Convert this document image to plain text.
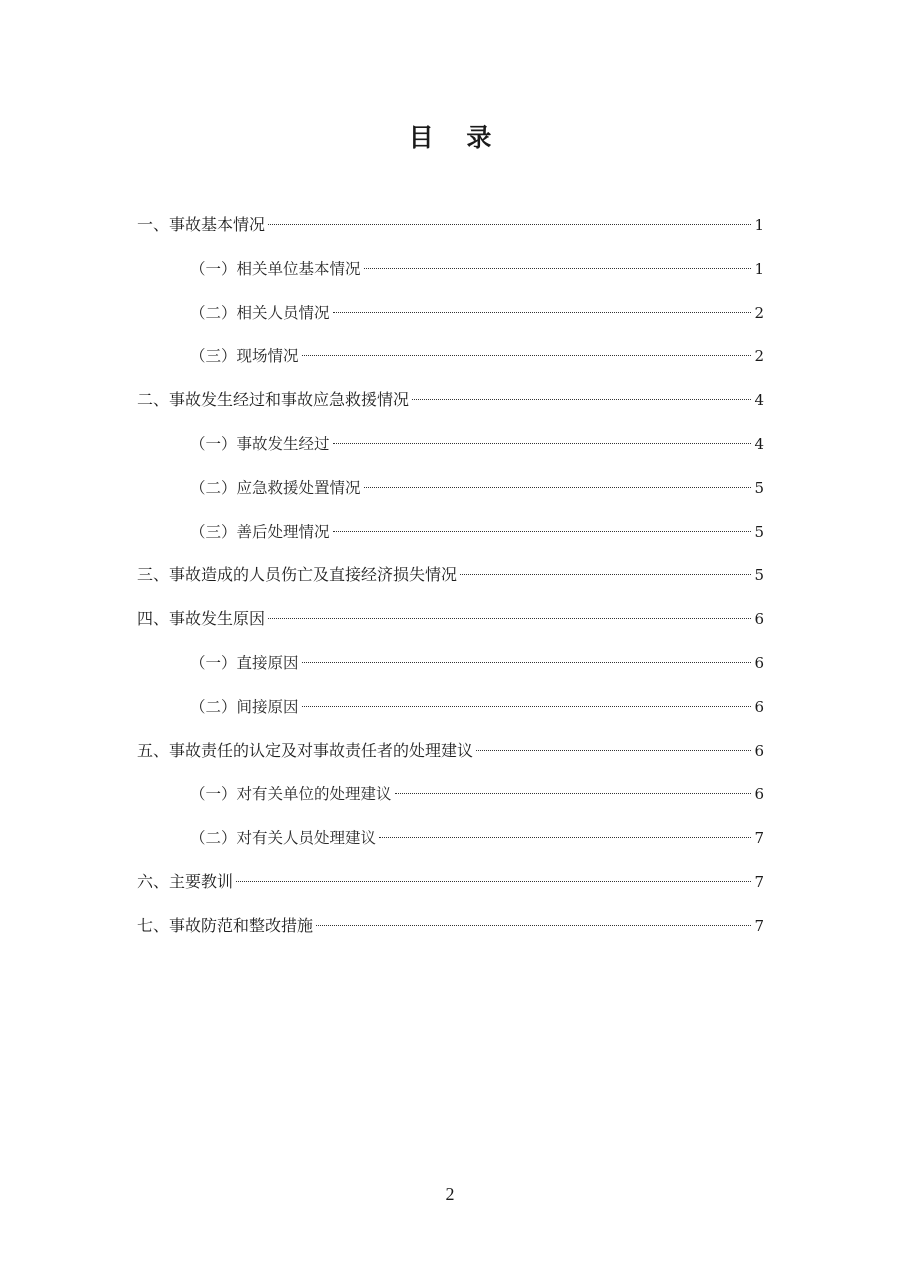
目 录
一、事故基本情况	1
（一）相关单位基本情况	1
（二）相关人员情况	2
（三）现场情况	2
二、事故发生经过和事故应急救援情况	4
（一）事故发生经过	4
（二）应急救援处置情况	5
（三）善后处理情况	5
三、事故造成的人员伤亡及直接经济损失情况	5
四、事故发生原因	6
（一）直接原因	6
（二）间接原因	6
五、事故责任的认定及对事故责任者的处理建议	6
（一）对有关单位的处理建议	6
（二）对有关人员处理建议	7
六、主要教训	7
七、事故防范和整改措施	7
2
